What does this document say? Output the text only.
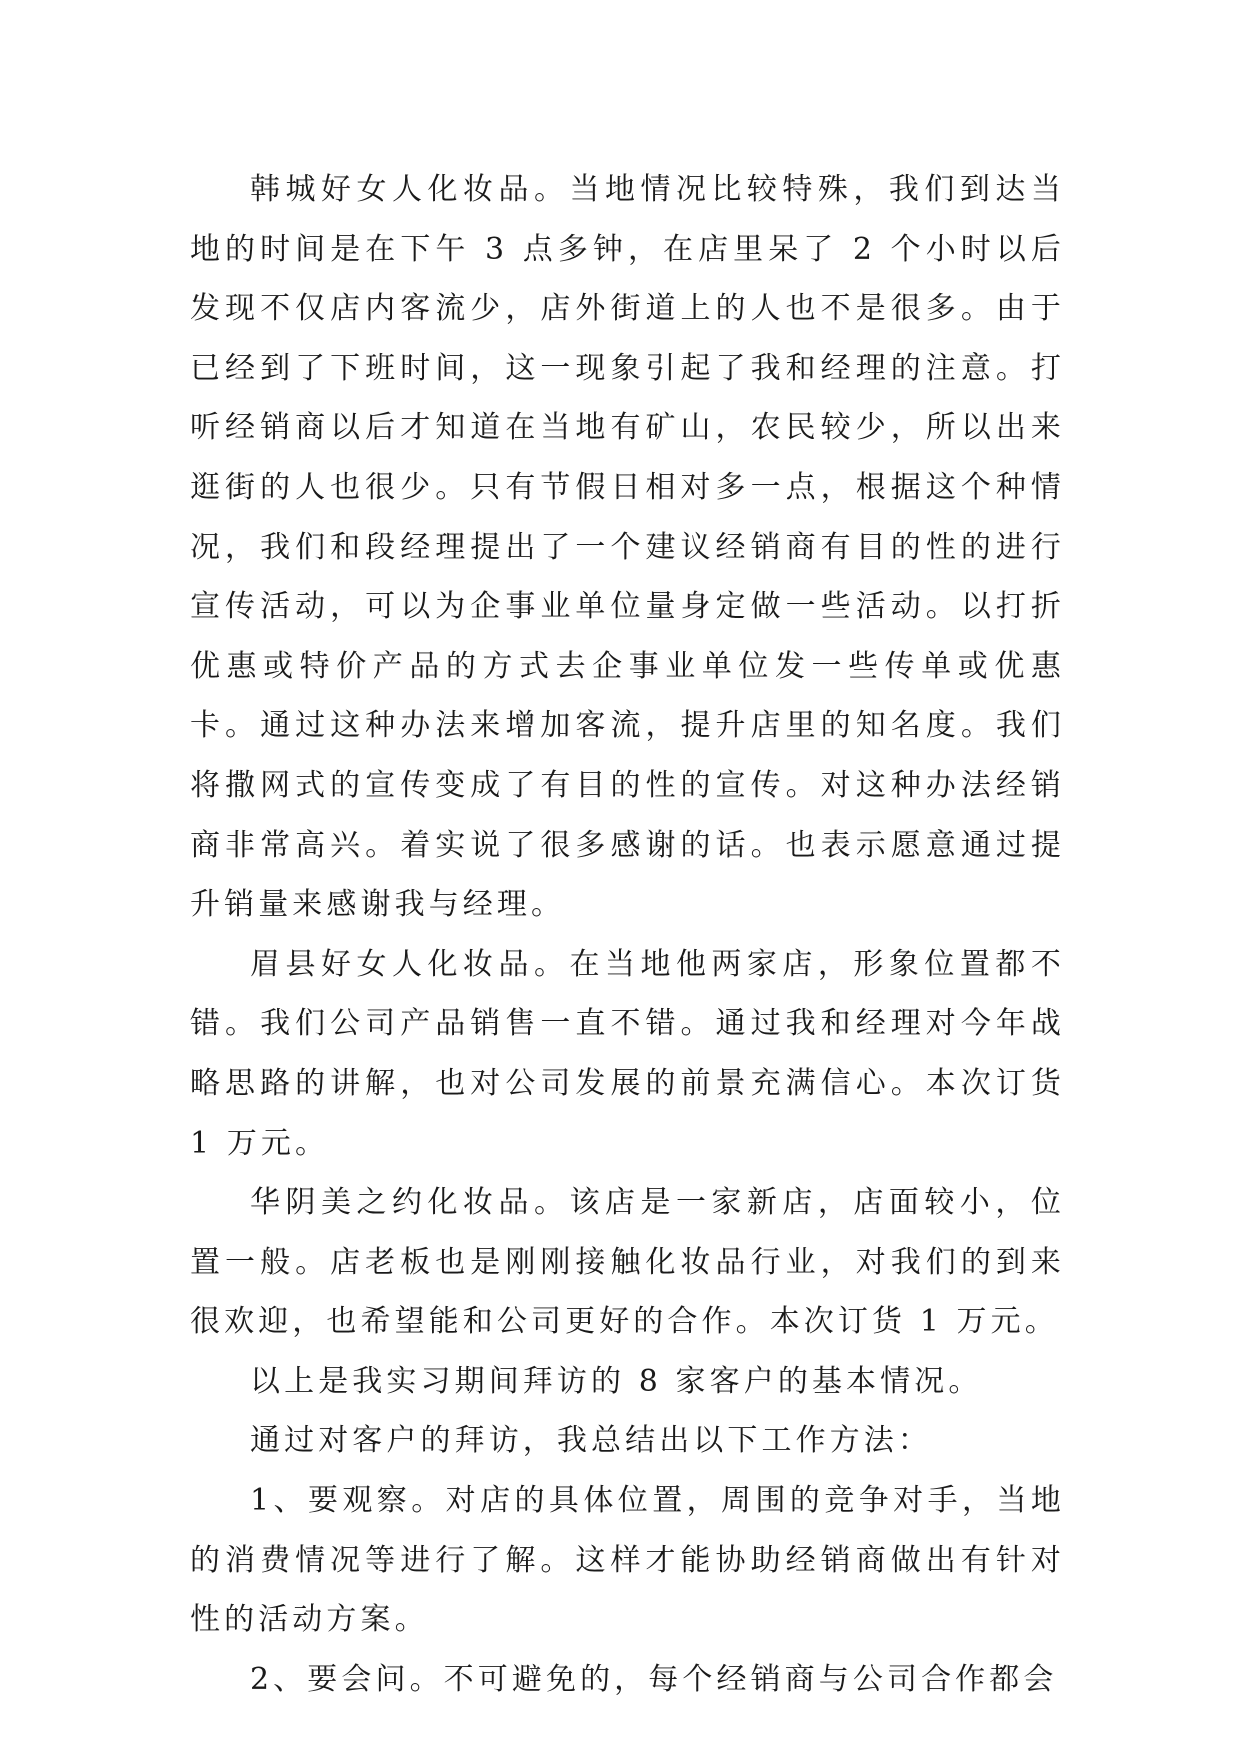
韩城好女人化妆品。当地情况比较特殊，我们到达当地的时间是在下午 3 点多钟，在店里呆了 2 个小时以后发现不仅店内客流少，店外街道上的人也不是很多。由于已经到了下班时间，这一现象引起了我和经理的注意。打听经销商以后才知道在当地有矿山，农民较少，所以出来逛街的人也很少。只有节假日相对多一点，根据这个种情况，我们和段经理提出了一个建议经销商有目的性的进行宣传活动，可以为企事业单位量身定做一些活动。以打折优惠或特价产品的方式去企事业单位发一些传单或优惠卡。通过这种办法来增加客流，提升店里的知名度。我们将撒网式的宣传变成了有目的性的宣传。对这种办法经销商非常高兴。着实说了很多感谢的话。也表示愿意通过提升销量来感谢我与经理。

眉县好女人化妆品。在当地他两家店，形象位置都不错。我们公司产品销售一直不错。通过我和经理对今年战略思路的讲解，也对公司发展的前景充满信心。本次订货 1 万元。

华阴美之约化妆品。该店是一家新店，店面较小，位置一般。店老板也是刚刚接触化妆品行业，对我们的到来很欢迎，也希望能和公司更好的合作。本次订货 1 万元。

以上是我实习期间拜访的 8 家客户的基本情况。

通过对客户的拜访，我总结出以下工作方法：

1、要观察。对店的具体位置，周围的竞争对手，当地的消费情况等进行了解。这样才能协助经销商做出有针对性的活动方案。

2、要会问。不可避免的，每个经销商与公司合作都会
